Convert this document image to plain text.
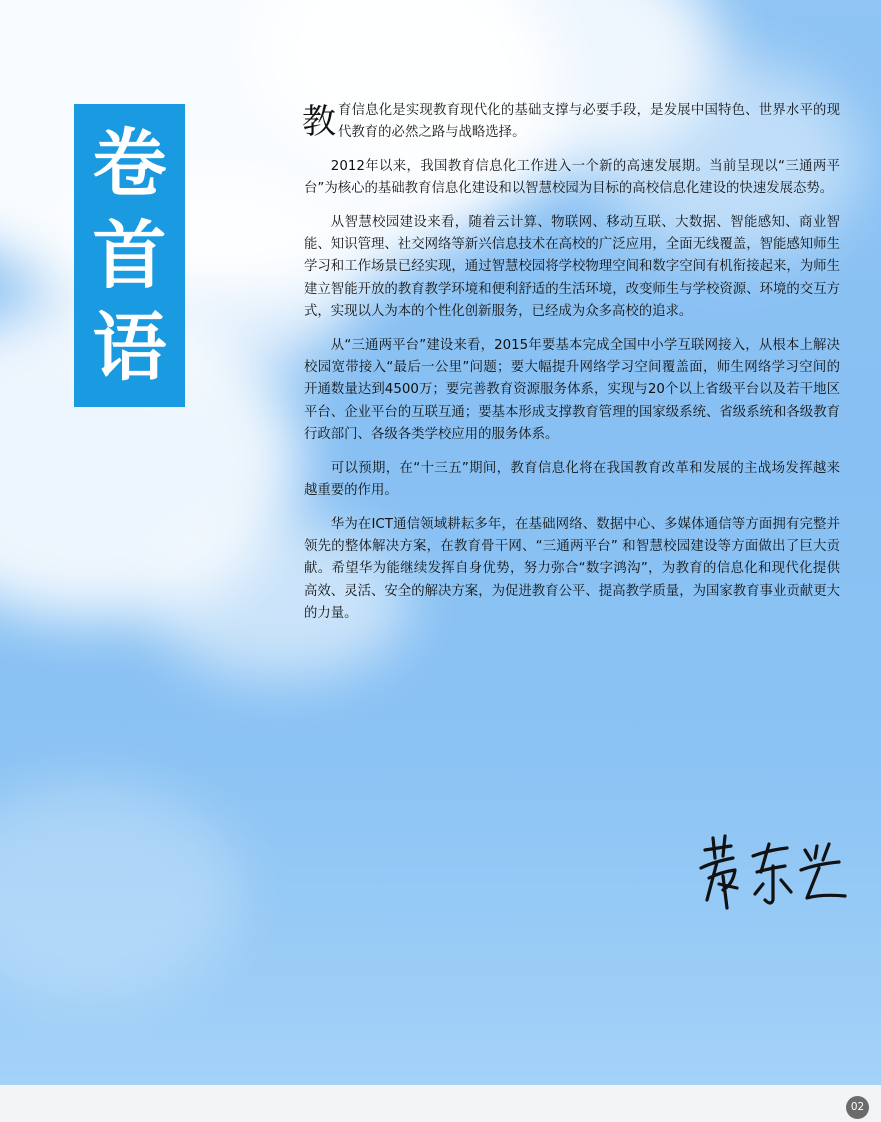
卷
首
语

教育信息化是实现教育现代化的基础支撑与必要手段，是发展中国特色、世界水平的现代教育的必然之路与战略选择。

2012年以来，我国教育信息化工作进入一个新的高速发展期。当前呈现以“三通两平台”为核心的基础教育信息化建设和以智慧校园为目标的高校信息化建设的快速发展态势。

从智慧校园建设来看，随着云计算、物联网、移动互联、大数据、智能感知、商业智能、知识管理、社交网络等新兴信息技术在高校的广泛应用，全面无线覆盖，智能感知师生学习和工作场景已经实现，通过智慧校园将学校物理空间和数字空间有机衔接起来，为师生建立智能开放的教育教学环境和便利舒适的生活环境，改变师生与学校资源、环境的交互方式，实现以人为本的个性化创新服务，已经成为众多高校的追求。

从“三通两平台”建设来看，2015年要基本完成全国中小学互联网接入，从根本上解决校园宽带接入“最后一公里”问题；要大幅提升网络学习空间覆盖面，师生网络学习空间的开通数量达到4500万；要完善教育资源服务体系，实现与20个以上省级平台以及若干地区平台、企业平台的互联互通；要基本形成支撑教育管理的国家级系统、省级系统和各级教育行政部门、各级各类学校应用的服务体系。

可以预期，在“十三五”期间，教育信息化将在我国教育改革和发展的主战场发挥越来越重要的作用。

华为在ICT通信领域耕耘多年，在基础网络、数据中心、多媒体通信等方面拥有完整并领先的整体解决方案，在教育骨干网、“三通两平台” 和智慧校园建设等方面做出了巨大贡献。希望华为能继续发挥自身优势，努力弥合“数字鸿沟”，为教育的信息化和现代化提供高效、灵活、安全的解决方案，为促进教育公平、提高教学质量，为国家教育事业贡献更大的力量。

02
